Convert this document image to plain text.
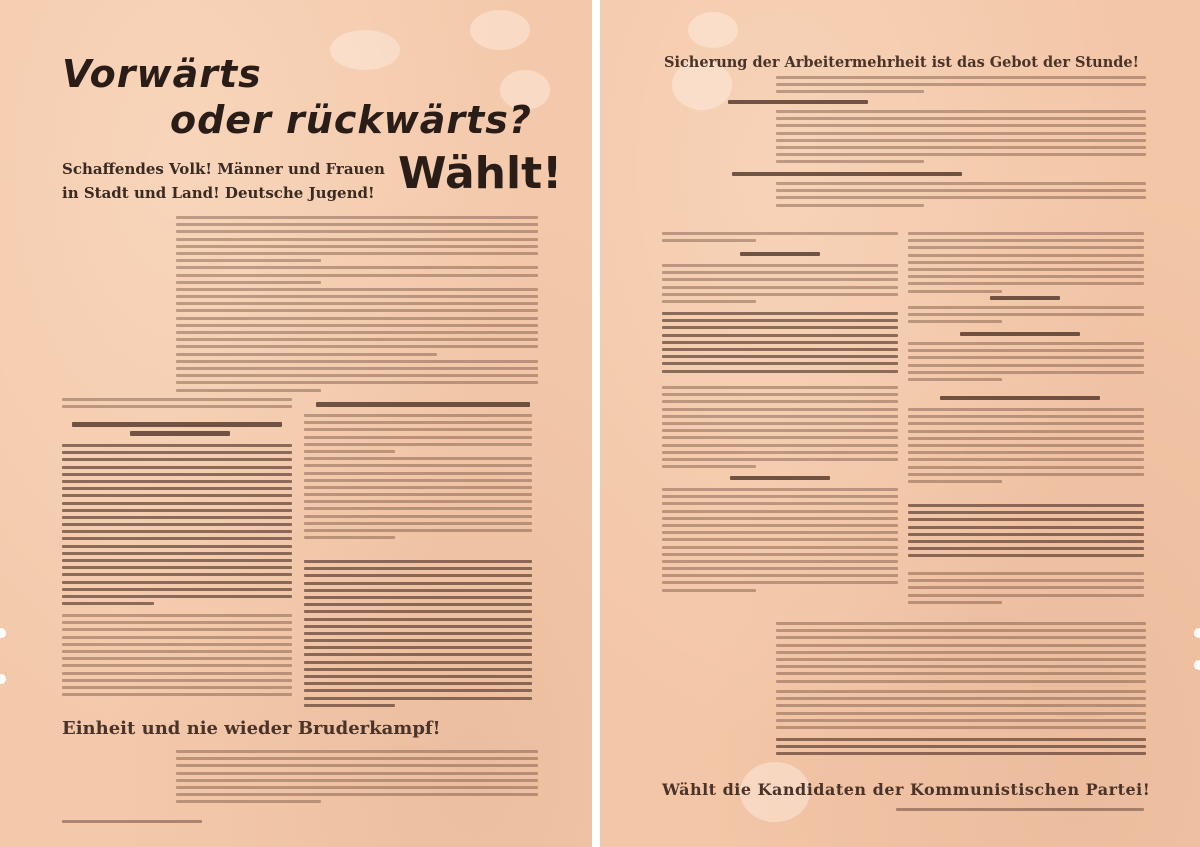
Vorwärts
oder rückwärts?

Schaffendes Volk! Männer und Frauen

in Stadt und Land! Deutsche Jugend! Wählt!

Einheit und nie wieder Bruderkampf!

Sicherung der Arbeitermehrheit ist das Gebot der Stunde!

Wählt die Kandidaten der Kommunistischen Partei!
